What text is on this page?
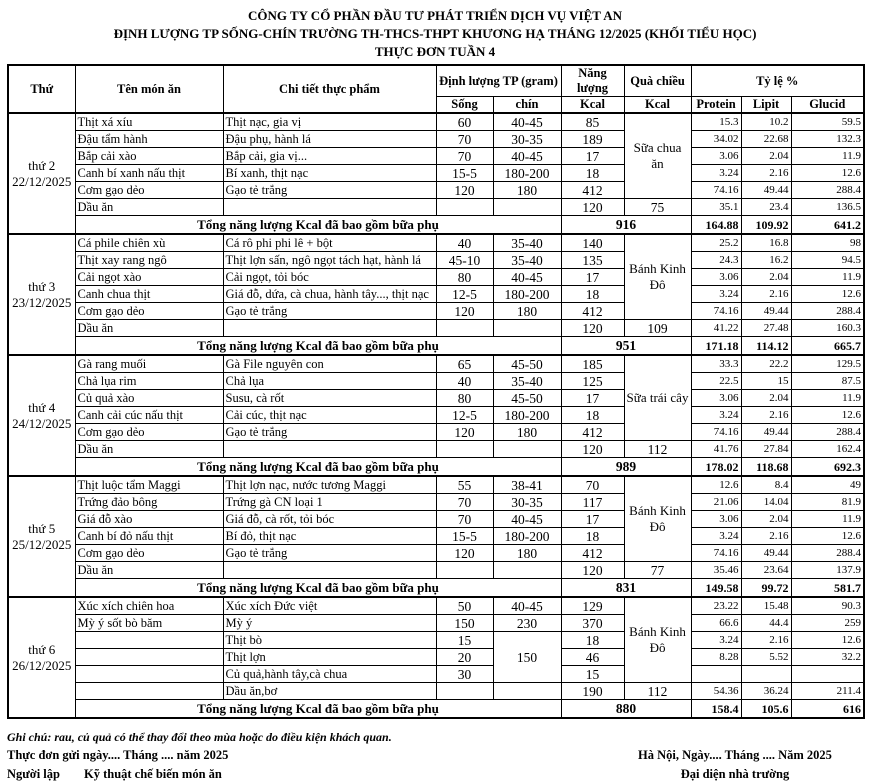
CÔNG TY CỔ PHẦN ĐẦU TƯ PHÁT TRIỂN DỊCH VỤ VIỆT AN
ĐỊNH LƯỢNG TP SỐNG-CHÍN TRƯỜNG TH-THCS-THPT KHƯƠNG HẠ THÁNG 12/2025 (KHỐI TIỂU HỌC)
THỰC ĐƠN TUẦN 4
Thứ	Tên món ăn	Chi tiết thực phẩm	Định lượng TP (gram)		Năng lượng	Quà chiều	Tỷ lệ %		
			Sống	chín	Kcal	Kcal	Protein	Lipit	Glucid

thứ 2
22/12/2025	Thịt xá xíu	Thịt nạc, gia vị	60	40-45	85	Sữa chua ăn	15.3	10.2	59.5
	Đậu tẩm hành	Đậu phụ, hành lá	70	30-35	189		34.02	22.68	132.3
	Bắp cải xào	Bắp cải, gia vị...	70	40-45	17		3.06	2.04	11.9
	Canh bí xanh nấu thịt	Bí xanh, thịt nạc	15-5	180-200	18		3.24	2.16	12.6
	Cơm gạo dẻo	Gạo tẻ trắng	120	180	412		74.16	49.44	288.4
	Dầu ăn				120	75	35.1	23.4	136.5
	Tổng năng lượng Kcal đã bao gồm bữa phụ				916		164.88	109.92	641.2

thứ 3
23/12/2025	Cá phile chiên xù	Cá rô phi phi lê + bột	40	35-40	140	Bánh Kinh Đô	25.2	16.8	98
	Thịt xay rang ngô	Thịt lợn sấn, ngô ngọt tách hạt, hành lá	45-10	35-40	135		24.3	16.2	94.5
	Cải ngọt xào	Cải ngọt, tỏi bóc	80	40-45	17		3.06	2.04	11.9
	Canh chua thịt	Giá đỗ, dứa, cà chua, hành tây..., thịt nạc	12-5	180-200	18		3.24	2.16	12.6
	Cơm gạo dẻo	Gạo tẻ trắng	120	180	412		74.16	49.44	288.4
	Dầu ăn				120	109	41.22	27.48	160.3
	Tổng năng lượng Kcal đã bao gồm bữa phụ				951		171.18	114.12	665.7

thứ 4
24/12/2025	Gà rang muối	Gà File nguyên con	65	45-50	185	Sữa trái cây	33.3	22.2	129.5
	Chả lụa rim	Chả lụa	40	35-40	125		22.5	15	87.5
	Củ quả xào	Susu, cà rốt	80	45-50	17		3.06	2.04	11.9
	Canh cải cúc nấu thịt	Cải cúc, thịt nạc	12-5	180-200	18		3.24	2.16	12.6
	Cơm gạo dẻo	Gạo tẻ trắng	120	180	412		74.16	49.44	288.4
	Dầu ăn				120	112	41.76	27.84	162.4
	Tổng năng lượng Kcal đã bao gồm bữa phụ				989		178.02	118.68	692.3

thứ 5
25/12/2025	Thịt luộc tẩm Maggi	Thịt lợn nạc, nước tương Maggi	55	38-41	70	Bánh Kinh Đô	12.6	8.4	49
	Trứng đảo bông	Trứng gà CN loại 1	70	30-35	117		21.06	14.04	81.9
	Giá đỗ xào	Giá đỗ, cà rốt, tỏi bóc	70	40-45	17		3.06	2.04	11.9
	Canh bí đỏ nấu thịt	Bí đỏ, thịt nạc	15-5	180-200	18		3.24	2.16	12.6
	Cơm gạo dẻo	Gạo tẻ trắng	120	180	412		74.16	49.44	288.4
	Dầu ăn				120	77	35.46	23.64	137.9
	Tổng năng lượng Kcal đã bao gồm bữa phụ				831		149.58	99.72	581.7

thứ 6
26/12/2025	Xúc xích chiên hoa	Xúc xích Đức việt	50	40-45	129	Bánh Kinh Đô	23.22	15.48	90.3
	Mỳ ý sốt bò băm	Mỳ ý	150	230	370		66.6	44.4	259
		Thịt bò	15	150	18		3.24	2.16	12.6
		Thịt lợn	20		46		8.28	5.52	32.2
		Củ quả,hành tây,cà chua	30		15				
		Dầu ăn,bơ			190	112	54.36	36.24	211.4
	Tổng năng lượng Kcal đã bao gồm bữa phụ				880		158.4	105.6	616
Ghi chú: rau, củ quả có thể thay đổi theo mùa hoặc do điều kiện khách quan.
Thực đơn gửi ngày.... Tháng .... năm 2025	Hà Nội, Ngày.... Tháng .... Năm 2025
Người lập Kỹ thuật chế biến món ăn	Đại diện nhà trường
